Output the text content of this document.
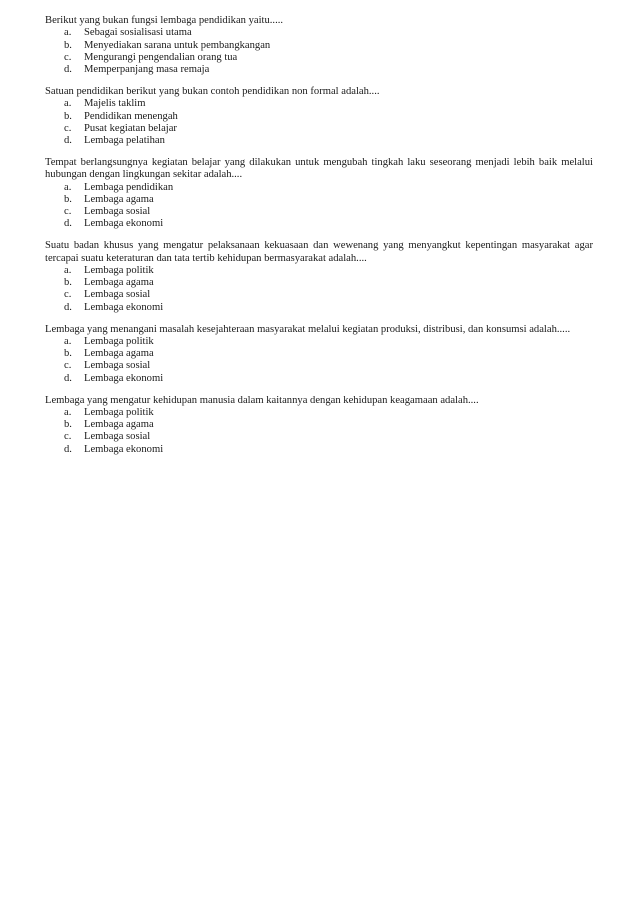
Berikut yang bukan fungsi lembaga pendidikan yaitu.....

a.	Sebagai sosialisasi utama
b.	Menyediakan sarana untuk pembangkangan
c.	Mengurangi pengendalian orang tua
d.	Memperpanjang masa remaja

Satuan pendidikan berikut yang bukan contoh pendidikan non formal adalah....

a.	Majelis taklim
b.	Pendidikan menengah
c.	Pusat kegiatan belajar
d.	Lembaga pelatihan

Tempat berlangsungnya kegiatan belajar yang dilakukan untuk mengubah tingkah laku seseorang menjadi lebih baik melalui hubungan dengan lingkungan sekitar adalah....

a.	Lembaga pendidikan
b.	Lembaga agama
c.	Lembaga sosial
d.	Lembaga ekonomi

Suatu badan khusus yang mengatur pelaksanaan kekuasaan dan wewenang yang menyangkut kepentingan masyarakat agar tercapai suatu keteraturan dan tata tertib kehidupan bermasyarakat adalah....

a.	Lembaga politik
b.	Lembaga agama
c.	Lembaga sosial
d.	Lembaga ekonomi

Lembaga yang menangani masalah kesejahteraan masyarakat melalui kegiatan produksi, distribusi, dan konsumsi adalah.....

a.	Lembaga politik
b.	Lembaga agama
c.	Lembaga sosial
d.	Lembaga ekonomi

Lembaga yang mengatur kehidupan manusia dalam kaitannya dengan kehidupan keagamaan adalah....

a.	Lembaga politik
b.	Lembaga agama
c.	Lembaga sosial
d.	Lembaga ekonomi
